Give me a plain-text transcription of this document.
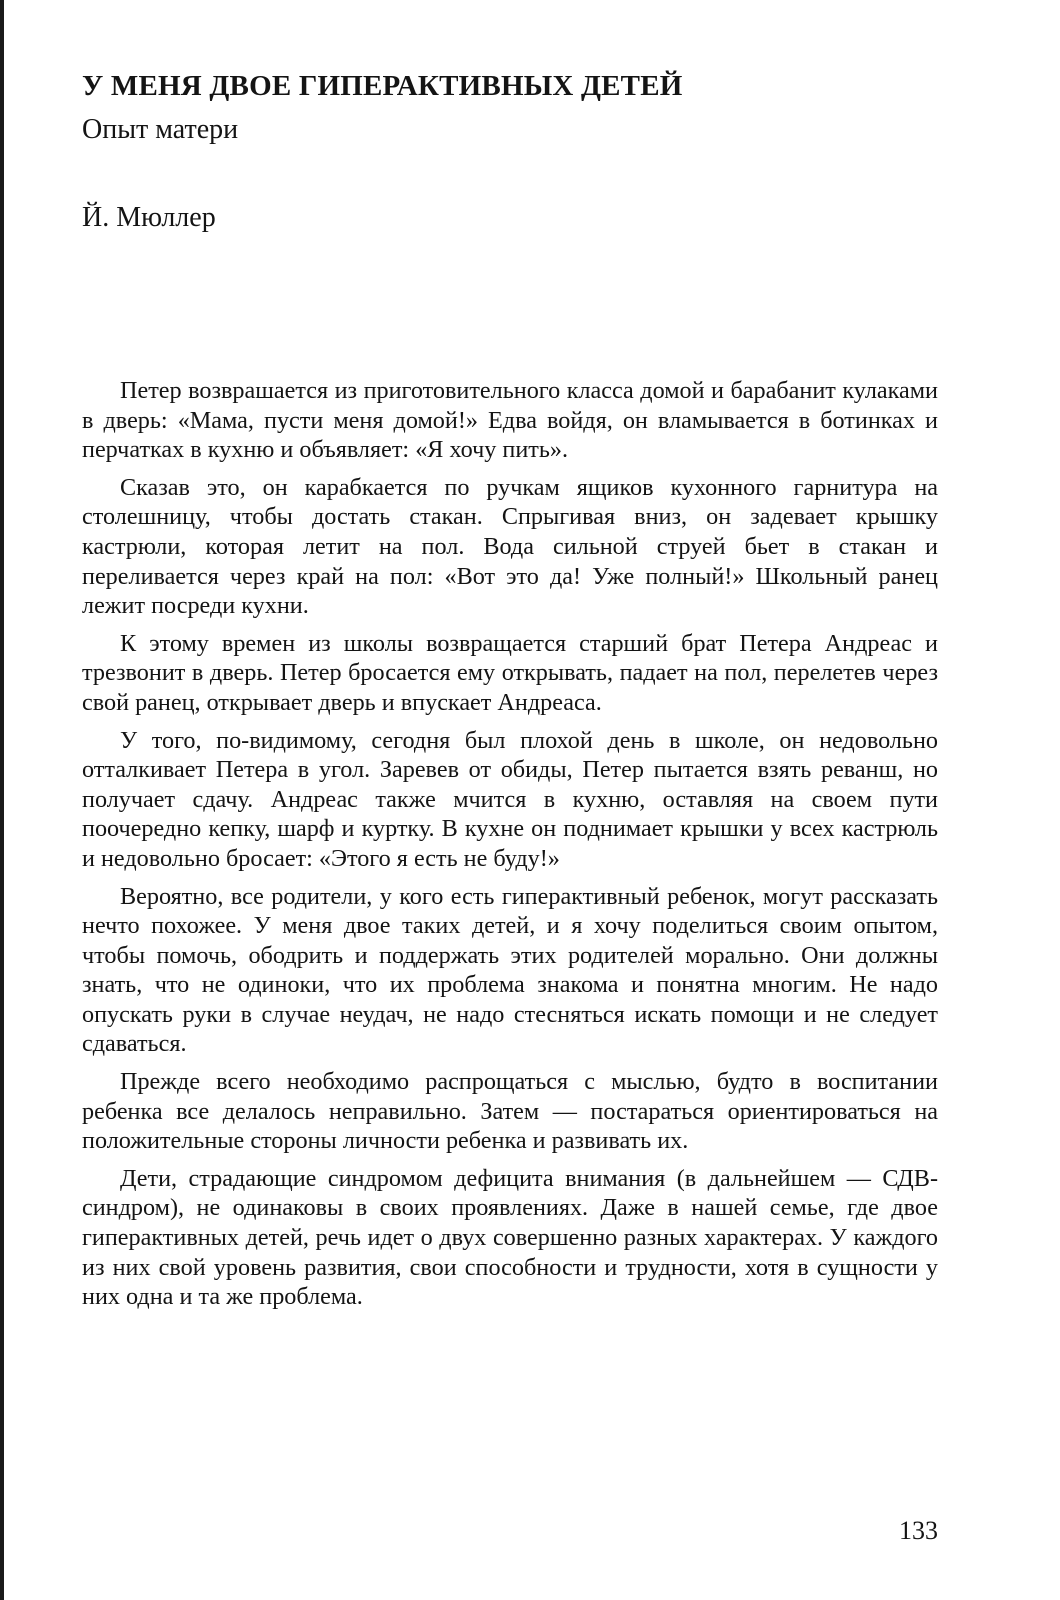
У МЕНЯ ДВОЕ ГИПЕРАКТИВНЫХ ДЕТЕЙ

Опыт матери

Й. Мюллер

Петер возврашается из приготовительного класса домой и барабанит кулаками в дверь: «Мама, пусти меня домой!» Едва войдя, он вламывается в ботинках и перчатках в кухню и объявляет: «Я хочу пить».

Сказав это, он карабкается по ручкам ящиков кухонного гарнитура на столешницу, чтобы достать стакан. Спрыгивая вниз, он задевает крышку кастрюли, которая летит на пол. Вода сильной струей бьет в стакан и переливается через край на пол: «Вот это да! Уже полный!» Школьный ранец лежит посреди кухни.

К этому времен из школы возвращается старший брат Петера Андреас и трезвонит в дверь. Петер бросается ему открывать, падает на пол, перелетев через свой ранец, открывает дверь и впускает Андреаса.

У того, по-видимому, сегодня был плохой день в школе, он недовольно отталкивает Петера в угол. Заревев от обиды, Петер пытается взять реванш, но получает сдачу. Андреас также мчится в кухню, оставляя на своем пути поочередно кепку, шарф и куртку. В кухне он поднимает крышки у всех кастрюль и недовольно бросает: «Этого я есть не буду!»

Вероятно, все родители, у кого есть гиперактивный ребенок, могут рассказать нечто похожее. У меня двое таких детей, и я хочу поделиться своим опытом, чтобы помочь, ободрить и поддержать этих родителей морально. Они должны знать, что не одиноки, что их проблема знакома и понятна многим. Не надо опускать руки в случае неудач, не надо стесняться искать помощи и не следует сдаваться.

Прежде всего необходимо распрощаться с мыслью, будто в воспитании ребенка все делалось неправильно. Затем — постараться ориентироваться на положительные стороны личности ребенка и развивать их.

Дети, страдающие синдромом дефицита внимания (в дальнейшем — СДВ-синдром), не одинаковы в своих проявлениях. Даже в нашей семье, где двое гиперактивных детей, речь идет о двух совершенно разных характерах. У каждого из них свой уровень развития, свои способности и трудности, хотя в сущности у них одна и та же проблема.

133
